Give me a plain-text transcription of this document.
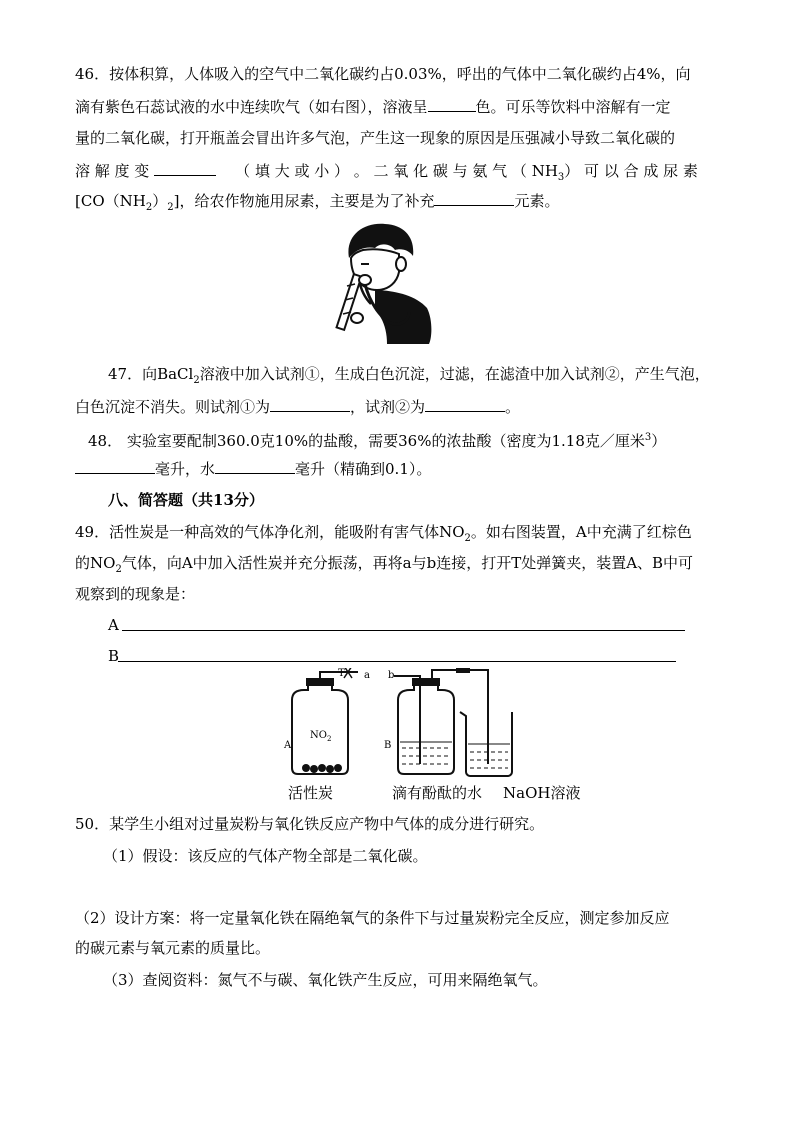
46．按体积算，人体吸入的空气中二氧化碳约占0.03%，呼出的气体中二氧化碳约占4%，向
滴有紫色石蕊试液的水中连续吹气（如右图），溶液呈	色。可乐等饮料中溶解有一定
量的二氧化碳，打开瓶盖会冒出许多气泡，产生这一现象的原因是压强减小导致二氧化碳的
溶 解 度 变	（ 填 大 或 小 ） 。 二 氧 化 碳 与 氨 气 （ $NH_3$） 可 以 合 成 尿 素
$[CO(NH_2)_2]$，给农作物施用尿素，主要是为了补充	元素。
47．向BaCl$_2$溶液中加入试剂①，生成白色沉淀，过滤，在滤渣中加入试剂②，产生气泡，
白色沉淀不消失。则试剂①为	，试剂②为	。
48． 实验室要配制360.0克10%的盐酸，需要36%的浓盐酸（密度为1.18克／厘米$^3$）
毫升，水	毫升（精确到0.1）。
八、简答题（共13分）
49．活性炭是一种高效的气体净化剂，能吸附有害气体$NO_2$。如右图装置，A中充满了红棕色
的$NO_2$气体，向A中加入活性炭并充分振荡，再将a与b连接，打开T处弹簧夹，装置A、B中可
观察到的现象是：
A
B
T a
$NO_2$
A
b
B
活性炭	滴有酚酞的水 NaOH溶液
50．某学生小组对过量炭粉与氧化铁反应产物中气体的成分进行研究。
（1）假设：该反应的气体产物全部是二氧化碳。
（2）设计方案：将一定量氧化铁在隔绝氧气的条件下与过量炭粉完全反应，测定参加反应
的碳元素与氧元素的质量比。
（3）查阅资料：氮气不与碳、氧化铁产生反应，可用来隔绝氧气。
